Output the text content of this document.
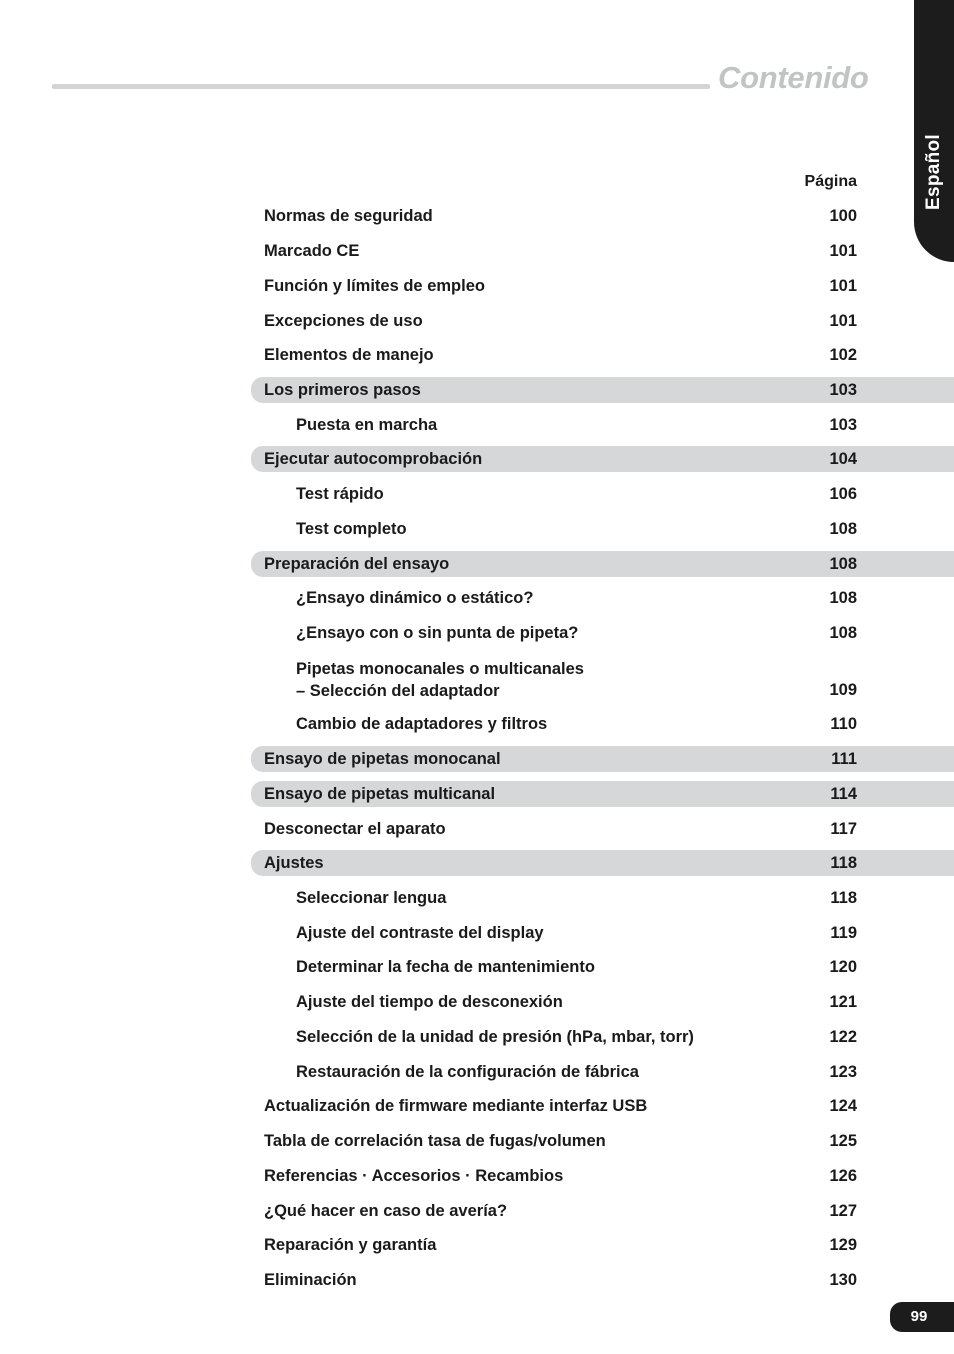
Contenido
Español
Página
Normas de seguridad	100
Marcado CE	101
Función y límites de empleo	101
Excepciones de uso	101
Elementos de manejo	102
Los primeros pasos	103
Puesta en marcha	103
Ejecutar autocomprobación	104
Test rápido	106
Test completo	108
Preparación del ensayo	108
¿Ensayo dinámico o estático?	108
¿Ensayo con o sin punta de pipeta?	108
Pipetas monocanales o multicanales
– Selección del adaptador	109
Cambio de adaptadores y filtros	110
Ensayo de pipetas monocanal	111
Ensayo de pipetas multicanal	114
Desconectar el aparato	117
Ajustes	118
Seleccionar lengua	118
Ajuste del contraste del display	119
Determinar la fecha de mantenimiento	120
Ajuste del tiempo de desconexión	121
Selección de la unidad de presión (hPa, mbar, torr)	122
Restauración de la configuración de fábrica	123
Actualización de firmware mediante interfaz USB	124
Tabla de correlación tasa de fugas/volumen	125
Referencias · Accesorios · Recambios	126
¿Qué hacer en caso de avería?	127
Reparación y garantía	129
Eliminación	130
99
